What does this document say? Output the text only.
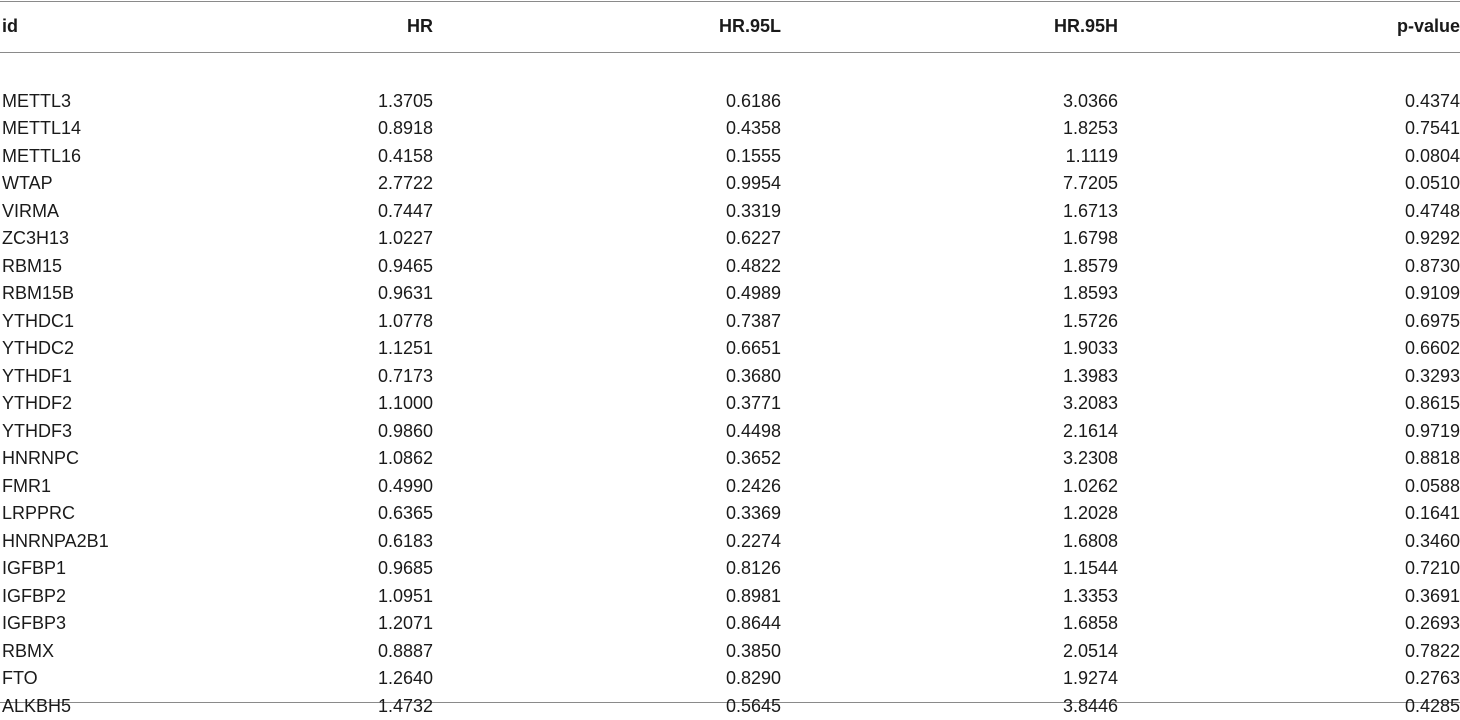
id	HR	HR.95L	HR.95H	p-value

METTL3	1.3705	0.6186	3.0366	0.4374
METTL14	0.8918	0.4358	1.8253	0.7541
METTL16	0.4158	0.1555	1.1119	0.0804
WTAP	2.7722	0.9954	7.7205	0.0510
VIRMA	0.7447	0.3319	1.6713	0.4748
ZC3H13	1.0227	0.6227	1.6798	0.9292
RBM15	0.9465	0.4822	1.8579	0.8730
RBM15B	0.9631	0.4989	1.8593	0.9109
YTHDC1	1.0778	0.7387	1.5726	0.6975
YTHDC2	1.1251	0.6651	1.9033	0.6602
YTHDF1	0.7173	0.3680	1.3983	0.3293
YTHDF2	1.1000	0.3771	3.2083	0.8615
YTHDF3	0.9860	0.4498	2.1614	0.9719
HNRNPC	1.0862	0.3652	3.2308	0.8818
FMR1	0.4990	0.2426	1.0262	0.0588
LRPPRC	0.6365	0.3369	1.2028	0.1641
HNRNPA2B1	0.6183	0.2274	1.6808	0.3460
IGFBP1	0.9685	0.8126	1.1544	0.7210
IGFBP2	1.0951	0.8981	1.3353	0.3691
IGFBP3	1.2071	0.8644	1.6858	0.2693
RBMX	0.8887	0.3850	2.0514	0.7822
FTO	1.2640	0.8290	1.9274	0.2763
ALKBH5	1.4732	0.5645	3.8446	0.4285
